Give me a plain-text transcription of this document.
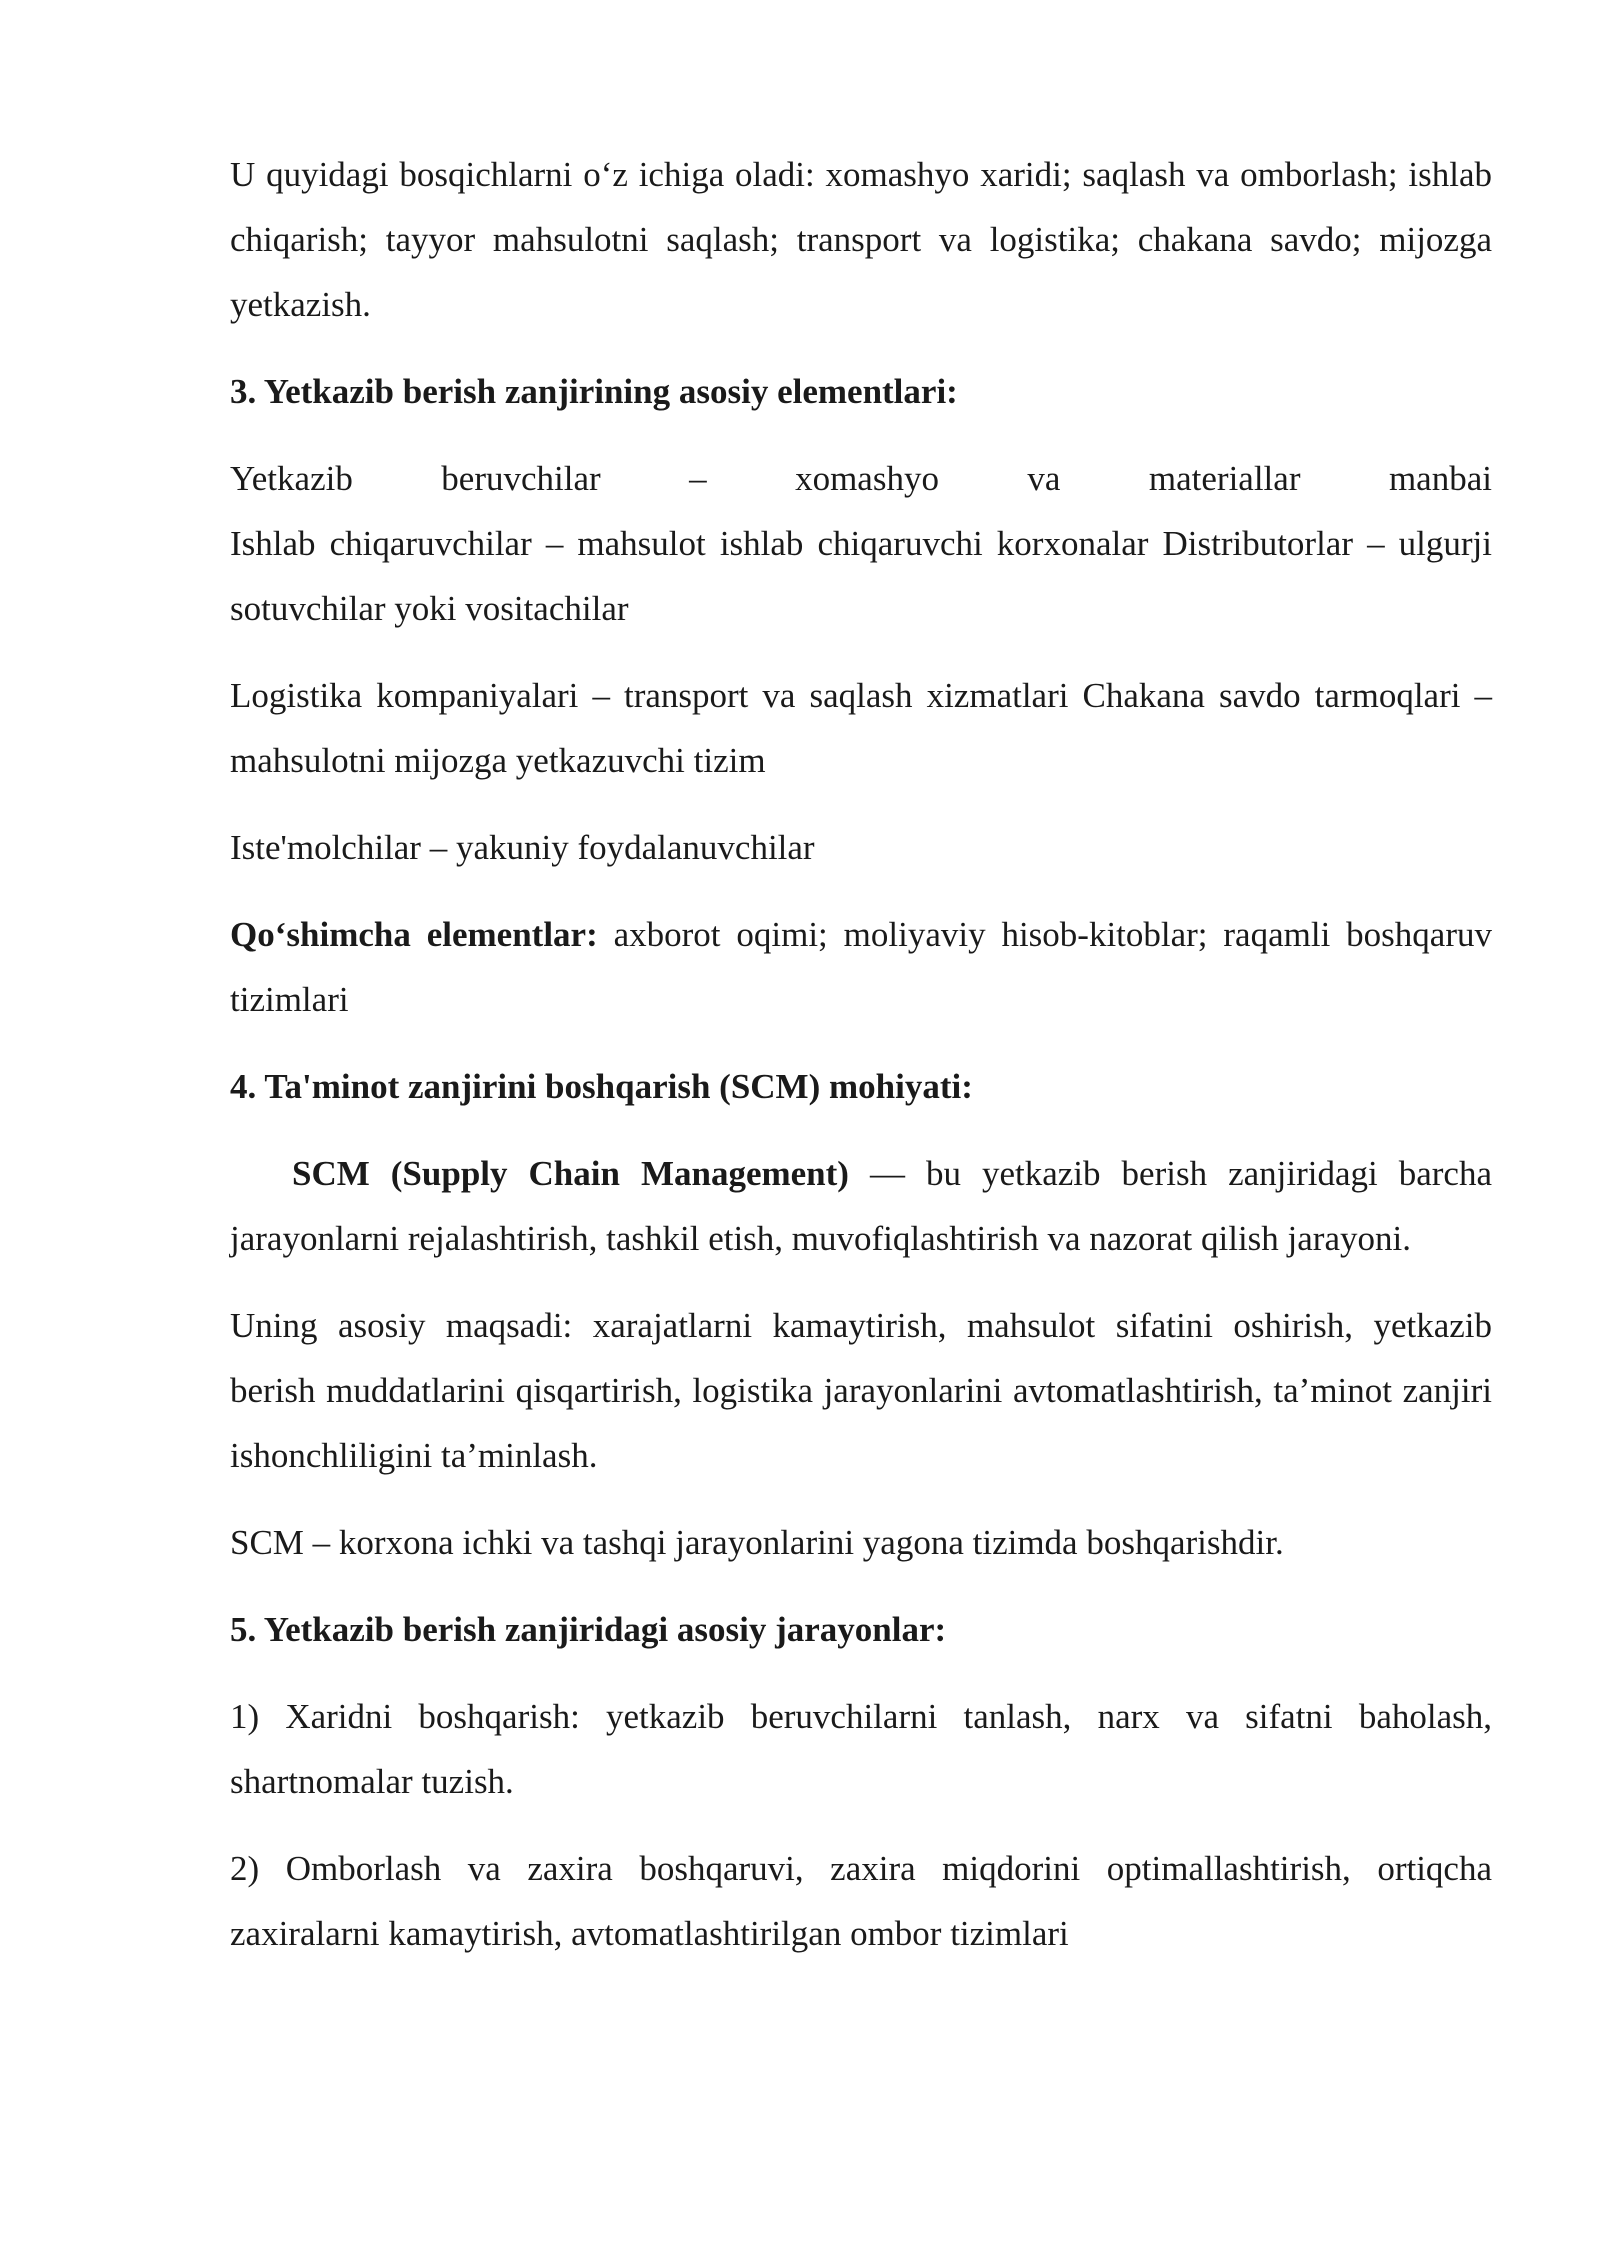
U quyidagi bosqichlarni o‘z ichiga oladi: xomashyo xaridi; saqlash va omborlash; ishlab chiqarish; tayyor mahsulotni saqlash; transport va logistika; chakana savdo; mijozga yetkazish.

3. Yetkazib berish zanjirining asosiy elementlari:

Yetkazib	beruvchilar	–	xomashyo	va	materiallar	manbai
Ishlab chiqaruvchilar – mahsulot ishlab chiqaruvchi korxonalar Distributorlar – ulgurji sotuvchilar yoki vositachilar

Logistika kompaniyalari – transport va saqlash xizmatlari Chakana savdo tarmoqlari – mahsulotni mijozga yetkazuvchi tizim

Iste'molchilar – yakuniy foydalanuvchilar

Qo‘shimcha elementlar: axborot oqimi; moliyaviy hisob-kitoblar; raqamli boshqaruv tizimlari

4. Ta'minot zanjirini boshqarish (SCM) mohiyati:

SCM (Supply Chain Management) — bu yetkazib berish zanjiridagi barcha jarayonlarni rejalashtirish, tashkil etish, muvofiqlashtirish va nazorat qilish jarayoni.

Uning asosiy maqsadi: xarajatlarni kamaytirish, mahsulot sifatini oshirish, yetkazib berish muddatlarini qisqartirish, logistika jarayonlarini avtomatlashtirish, ta’minot zanjiri ishonchliligini ta’minlash.

SCM – korxona ichki va tashqi jarayonlarini yagona tizimda boshqarishdir.

5. Yetkazib berish zanjiridagi asosiy jarayonlar:

1) Xaridni boshqarish: yetkazib beruvchilarni tanlash, narx va sifatni baholash, shartnomalar tuzish.

2) Omborlash va zaxira boshqaruvi, zaxira miqdorini optimallashtirish, ortiqcha zaxiralarni kamaytirish, avtomatlashtirilgan ombor tizimlari
